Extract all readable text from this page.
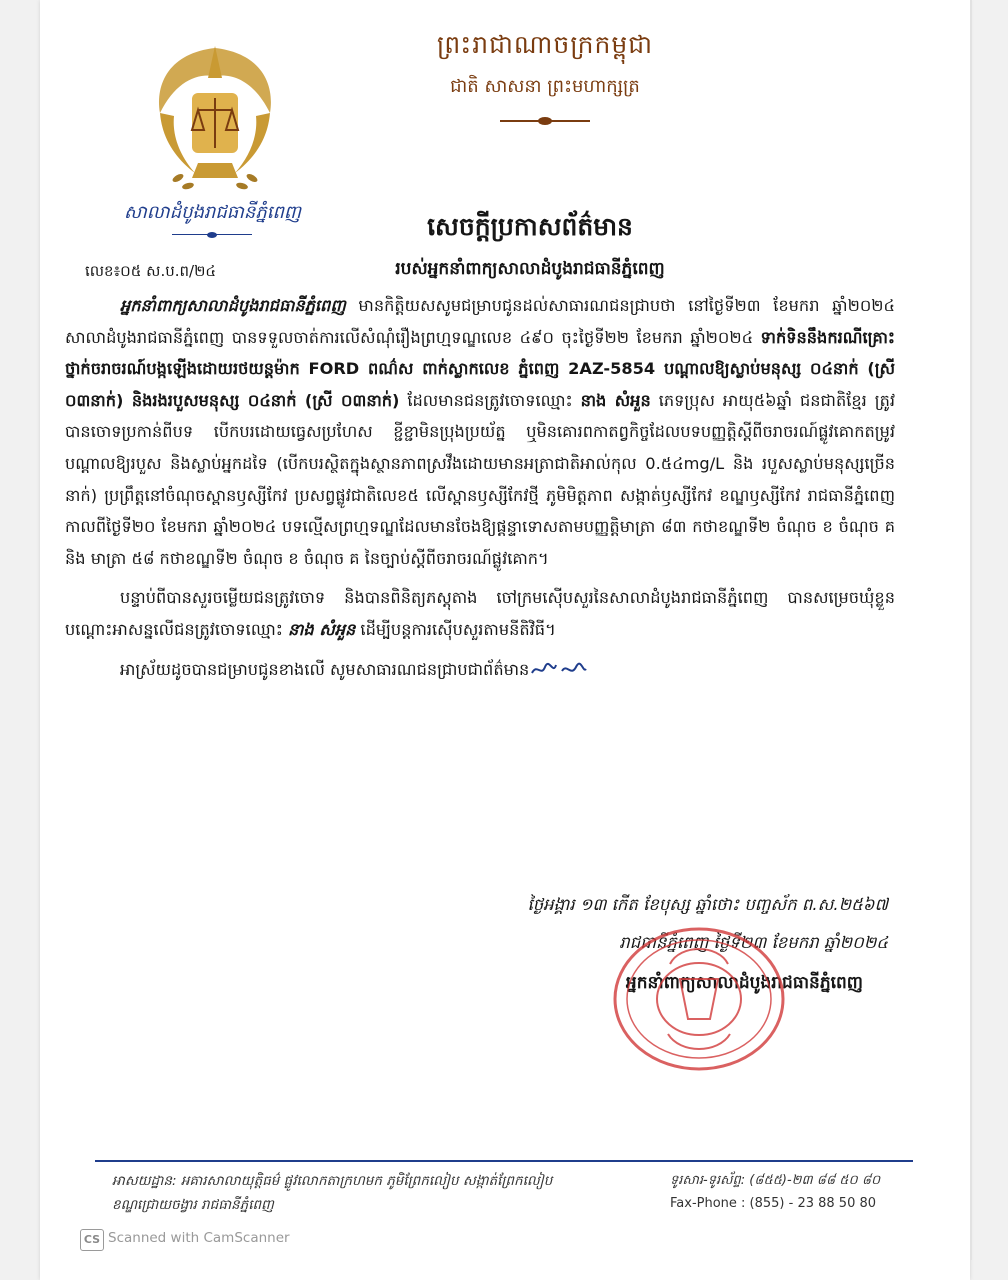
ព្រះរាជាណាចក្រកម្ពុជា
ជាតិ សាសនា ព្រះមហាក្សត្រ
សាលាដំបូងរាជធានីភ្នំពេញ	សេចក្ដីប្រកាសព័ត៌មាន
លេខ៖០៥ ស.ប.ព/២៤	របស់អ្នកនាំពាក្យសាលាដំបូងរាជធានីភ្នំពេញ

អ្នកនាំពាក្យសាលាដំបូងរាជធានីភ្នំពេញ មានកិត្តិយសសូមជម្រាបជូនដល់សាធារណជនជ្រាបថា នៅថ្ងៃទី២៣ ខែមករា ឆ្នាំ២០២៤ សាលាដំបូងរាជធានីភ្នំពេញ បានទទួលចាត់ការលើសំណុំរឿងព្រហ្មទណ្ឌលេខ ៤៩០ ចុះថ្ងៃទី២២ ខែមករា ឆ្នាំ២០២៤ ទាក់ទិននឹងករណីគ្រោះថ្នាក់ចរាចរណ៍បង្កឡើងដោយរថយន្តម៉ាក FORD ពណ៌ស ពាក់ស្លាកលេខ ភ្នំពេញ 2AZ-5854 បណ្ដាលឱ្យស្លាប់មនុស្ស ០៤នាក់ (ស្រី ០៣នាក់) និងរងរបួសមនុស្ស ០៤នាក់ (ស្រី ០៣នាក់) ដែលមានជនត្រូវចោទឈ្មោះ នាង សំអួន ភេទប្រុស អាយុ៥៦ឆ្នាំ ជនជាតិខ្មែរ ត្រូវបានចោទប្រកាន់ពីបទ បើកបរដោយធ្វេសប្រហែស ខ្ជីខ្ជាមិនប្រុងប្រយ័ត្ន ឬមិនគោរពកាតព្វកិច្ចដែលបទបញ្ញត្តិស្ដីពីចរាចរណ៍ផ្លូវគោកតម្រូវ បណ្ដាលឱ្យរបួស និងស្លាប់អ្នកដទៃ (បើកបរស្ថិតក្នុងស្ថានភាពស្រវឹងដោយមានអត្រាជាតិអាល់កុល 0.៥៤mg/L និង របួសស្លាប់មនុស្សច្រើននាក់) ប្រព្រឹត្តនៅចំណុចស្ពានឫស្សីកែវ ប្រសព្វផ្លូវជាតិលេខ៥ លើស្ពានឫស្សីកែវថ្មី ភូមិមិត្តភាព សង្កាត់ឫស្សីកែវ ខណ្ឌឫស្សីកែវ រាជធានីភ្នំពេញ កាលពីថ្ងៃទី២០ ខែមករា ឆ្នាំ២០២៤ បទល្មើសព្រហ្មទណ្ឌដែលមានចែងឱ្យផ្ដន្ទាទោសតាមបញ្ញត្តិមាត្រា ៨៣ កថាខណ្ឌទី២ ចំណុច ខ ចំណុច គ និង មាត្រា ៥៨ កថាខណ្ឌទី២ ចំណុច ខ ចំណុច គ នៃច្បាប់ស្ដីពីចរាចរណ៍ផ្លូវគោក។

បន្ទាប់ពីបានសួរចម្លើយជនត្រូវចោទ និងបានពិនិត្យភស្តុតាង ចៅក្រមស៊ើបសួរនៃសាលាដំបូងរាជធានីភ្នំពេញ បានសម្រេចឃុំខ្លួនបណ្ដោះអាសន្នលើជនត្រូវចោទឈ្មោះ នាង សំអួន ដើម្បីបន្តការស៊ើបសួរតាមនីតិវិធី។

អាស្រ័យដូចបានជម្រាបជូនខាងលើ សូមសាធារណជនជ្រាបជាព័ត៌មាន

ថ្ងៃអង្គារ ១៣ កើត ខែបុស្ស ឆ្នាំថោះ បញ្ចស័ក ព.ស.២៥៦៧
រាជធានីភ្នំពេញ ថ្ងៃទី២៣ ខែមករា ឆ្នាំ២០២៤
អ្នកនាំពាក្យសាលាដំបូងរាជធានីភ្នំពេញ
អាសយដ្ឋាន: អគារសាលាយុត្តិធម៌ ផ្លូវលោកតាក្រហមក ភូមិព្រែកលៀប សង្កាត់ព្រែកលៀប
ខណ្ឌជ្រោយចង្វារ រាជធានីភ្នំពេញ
ទូរសារ-ទូរស័ព្ទ: (៨៥៥)-២៣ ៨៨ ៥០ ៨០
Fax-Phone : (855) - 23 88 50 80
CS Scanned with CamScanner
